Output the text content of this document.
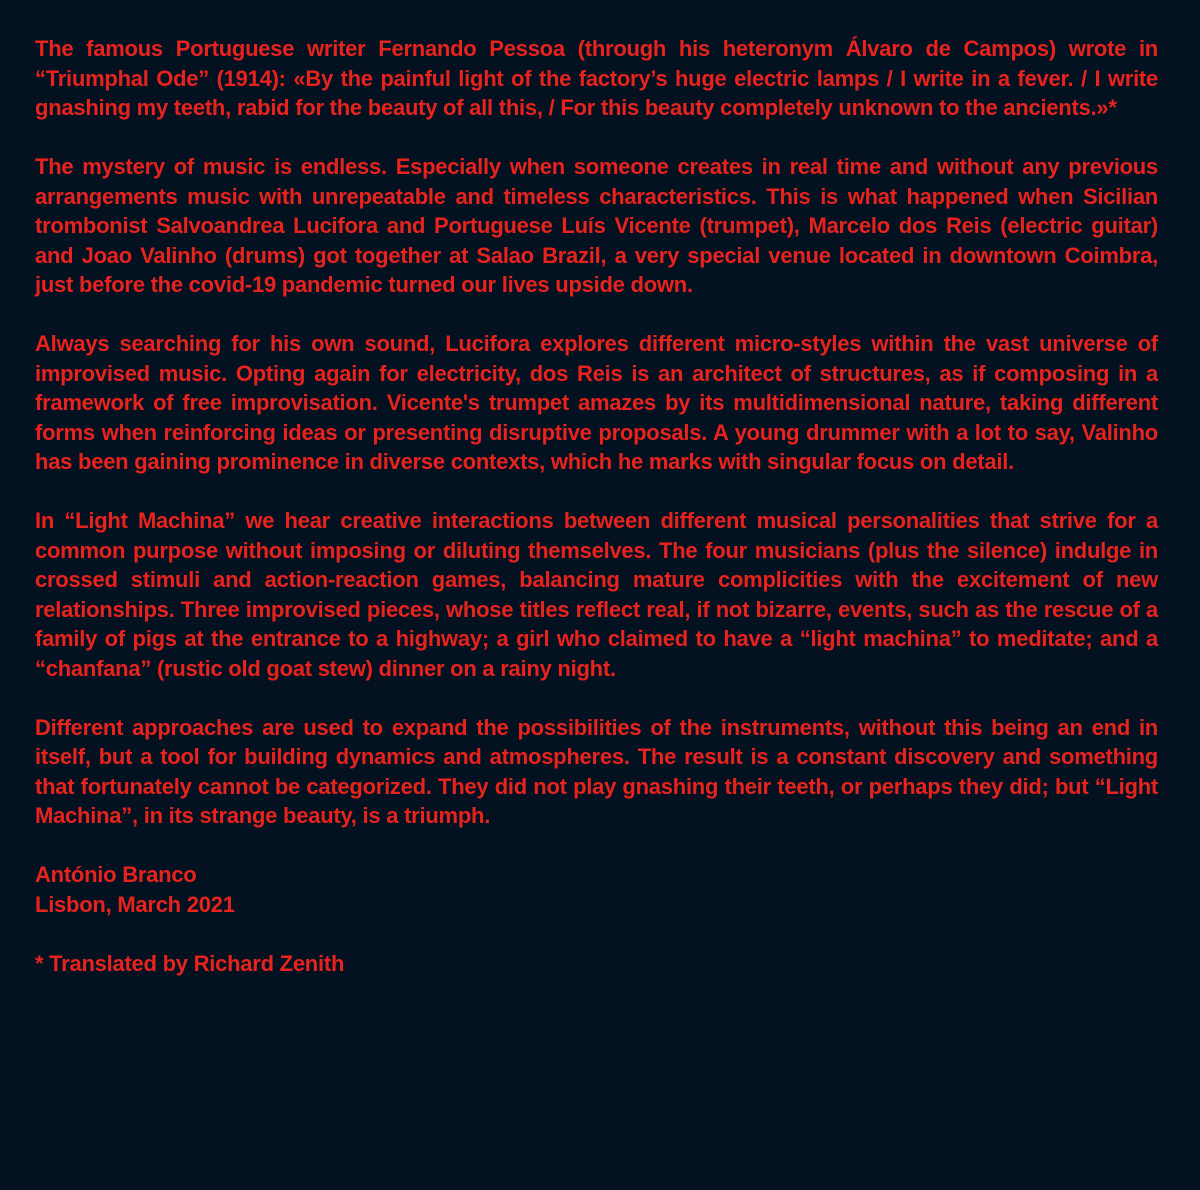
The famous Portuguese writer Fernando Pessoa (through his heteronym Álvaro de Campos) wrote in “Triumphal Ode” (1914): «By the painful light of the factory’s huge electric lamps / I write in a fever. / I write gnashing my teeth, rabid for the beauty of all this, / For this beauty completely unknown to the ancients.»*

The mystery of music is endless. Especially when someone creates in real time and without any previous arrangements music with unrepeatable and timeless characteristics. This is what happened when Sicilian trombonist Salvoandrea Lucifora and Portuguese Luís Vicente (trumpet), Marcelo dos Reis (electric guitar) and Joao Valinho (drums) got together at Salao Brazil, a very special venue located in downtown Coimbra, just before the covid-19 pandemic turned our lives upside down.

Always searching for his own sound, Lucifora explores different micro-styles within the vast universe of improvised music. Opting again for electricity, dos Reis is an architect of structures, as if composing in a framework of free improvisation. Vicente's trumpet amazes by its multidimensional nature, taking different forms when reinforcing ideas or presenting disruptive proposals. A young drummer with a lot to say, Valinho has been gaining prominence in diverse contexts, which he marks with singular focus on detail.

In “Light Machina” we hear creative interactions between different musical personalities that strive for a common purpose without imposing or diluting themselves. The four musicians (plus the silence) indulge in crossed stimuli and action-reaction games, balancing mature complicities with the excitement of new relationships. Three improvised pieces, whose titles reflect real, if not bizarre, events, such as the rescue of a family of pigs at the entrance to a highway; a girl who claimed to have a “light machina” to meditate; and a “chanfana” (rustic old goat stew) dinner on a rainy night.

Different approaches are used to expand the possibilities of the instruments, without this being an end in itself, but a tool for building dynamics and atmospheres. The result is a constant discovery and something that fortunately cannot be categorized. They did not play gnashing their teeth, or perhaps they did; but “Light Machina”, in its strange beauty, is a triumph.

António Branco
Lisbon, March 2021

* Translated by Richard Zenith
